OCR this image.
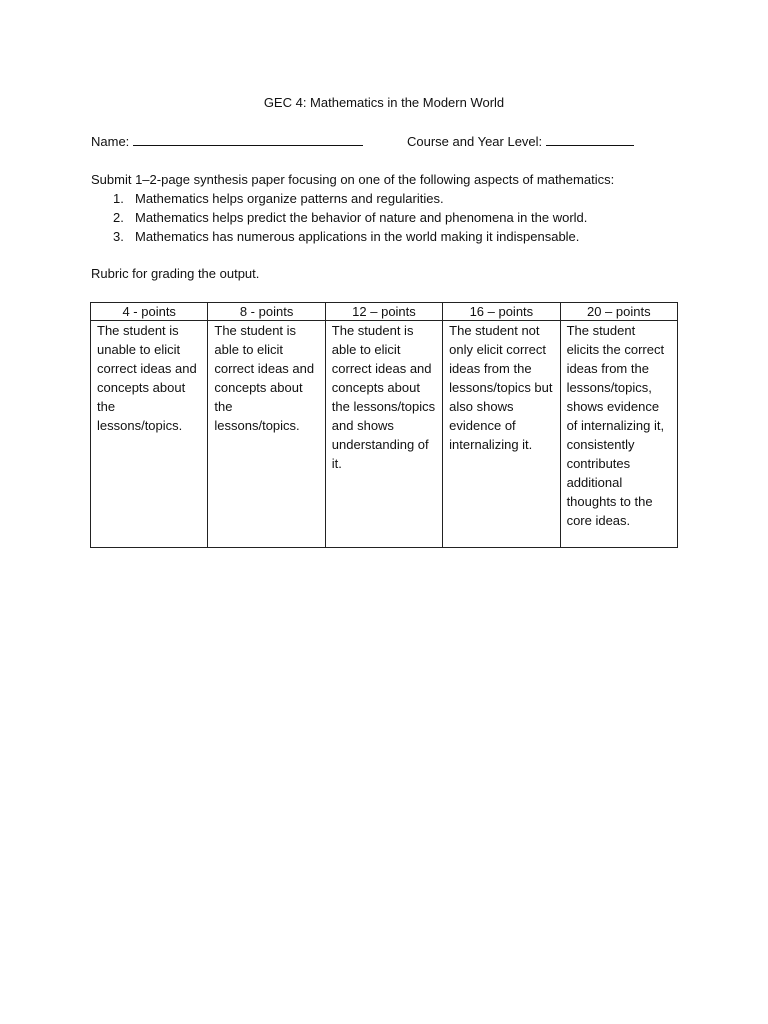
GEC 4: Mathematics in the Modern World
Name:	Course and Year Level:
Submit 1–2-page synthesis paper focusing on one of the following aspects of mathematics:
1. Mathematics helps organize patterns and regularities.
2. Mathematics helps predict the behavior of nature and phenomena in the world.
3. Mathematics has numerous applications in the world making it indispensable.
Rubric for grading the output.
4 - points	8 - points	12 – points	16 – points	20 – points
The student is unable to elicit correct ideas and concepts about the lessons/topics.	The student is able to elicit correct ideas and concepts about the lessons/topics.	The student is able to elicit correct ideas and concepts about the lessons/topics and shows understanding of it.	The student not only elicit correct ideas from the lessons/topics but also shows evidence of internalizing it.	The student elicits the correct ideas from the lessons/topics, shows evidence of internalizing it, consistently contributes additional thoughts to the core ideas.
